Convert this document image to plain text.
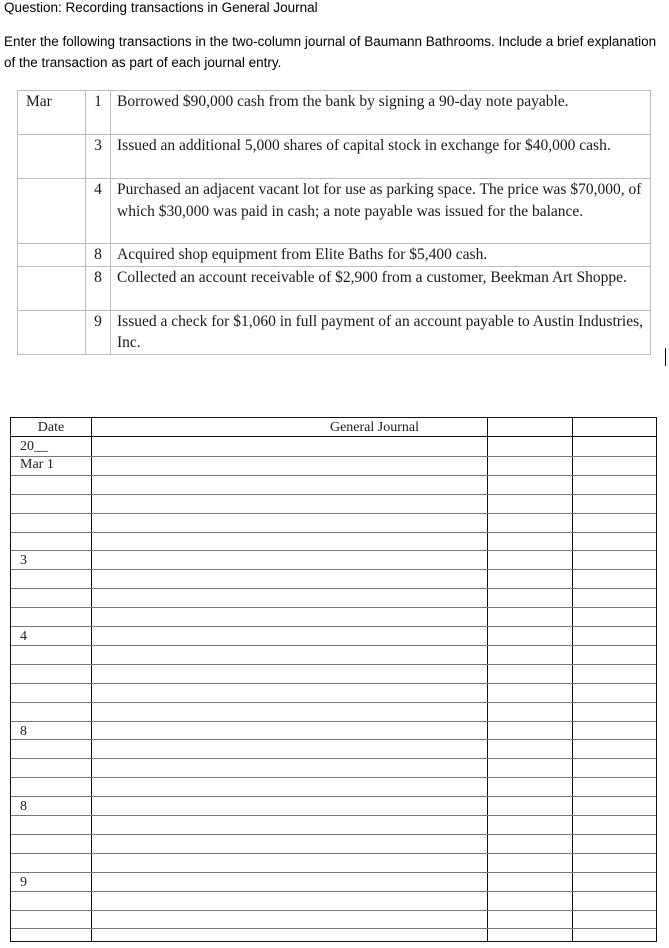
Question: Recording transactions in General Journal
Enter the following transactions in the two-column journal of Baumann Bathrooms. Include a brief explanation of the transaction as part of each journal entry.
Mar	1	Borrowed $90,000 cash from the bank by signing a 90-day note payable.
	3	Issued an additional 5,000 shares of capital stock in exchange for $40,000 cash.
	4	Purchased an adjacent vacant lot for use as parking space. The price was $70,000, of which $30,000 was paid in cash; a note payable was issued for the balance.
	8	Acquired shop equipment from Elite Baths for $5,400 cash.
	8	Collected an account receivable of $2,900 from a customer, Beekman Art Shoppe.
	9	Issued a check for $1,060 in full payment of an account payable to Austin Industries, Inc.
Date	General Journal
20__
Mar 1
3
4
8
8
9
